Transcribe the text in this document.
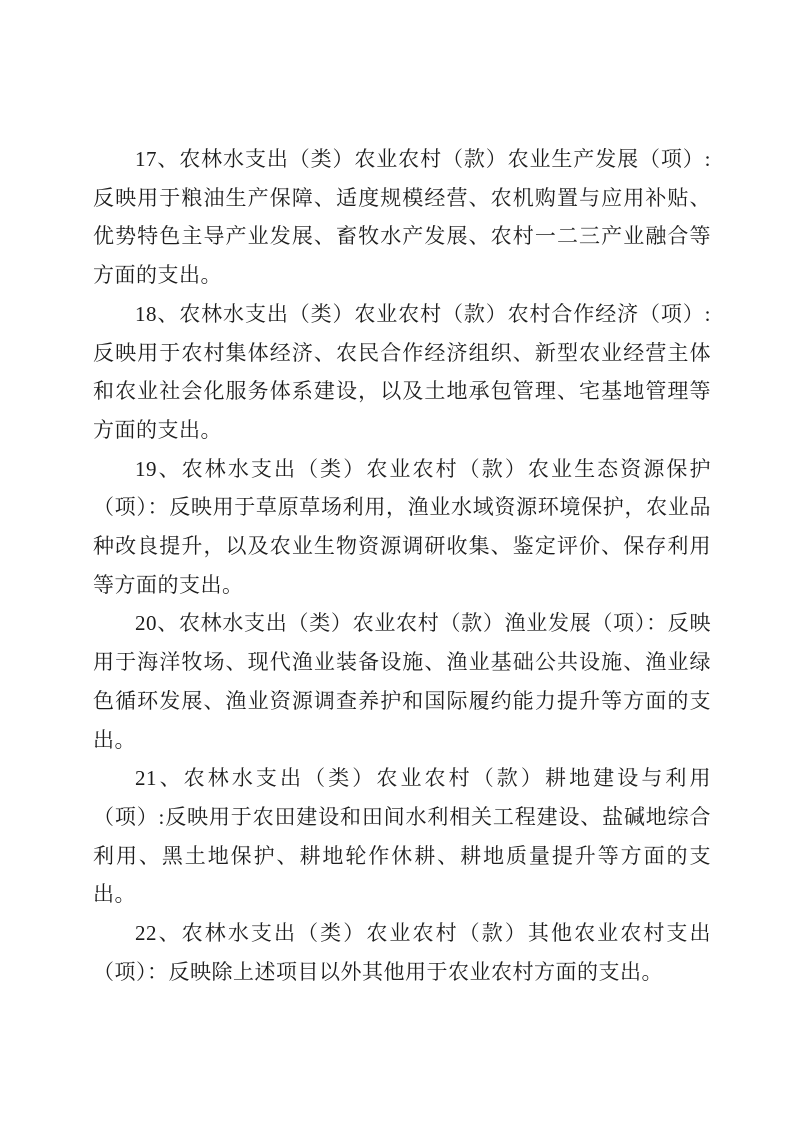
17、农林水支出（类）农业农村（款）农业生产发展（项）:反映用于粮油生产保障、适度规模经营、农机购置与应用补贴、优势特色主导产业发展、畜牧水产发展、农村一二三产业融合等方面的支出。

18、农林水支出（类）农业农村（款）农村合作经济（项）:反映用于农村集体经济、农民合作经济组织、新型农业经营主体和农业社会化服务体系建设，以及土地承包管理、宅基地管理等方面的支出。

19、农林水支出（类）农业农村（款）农业生态资源保护（项）：反映用于草原草场利用，渔业水域资源环境保护，农业品种改良提升，以及农业生物资源调研收集、鉴定评价、保存利用等方面的支出。

20、农林水支出（类）农业农村（款）渔业发展（项）：反映用于海洋牧场、现代渔业装备设施、渔业基础公共设施、渔业绿色循环发展、渔业资源调查养护和国际履约能力提升等方面的支出。

21、农林水支出（类）农业农村（款）耕地建设与利用（项）:反映用于农田建设和田间水利相关工程建设、盐碱地综合利用、黑土地保护、耕地轮作休耕、耕地质量提升等方面的支出。

22、农林水支出（类）农业农村（款）其他农业农村支出（项）：反映除上述项目以外其他用于农业农村方面的支出。
